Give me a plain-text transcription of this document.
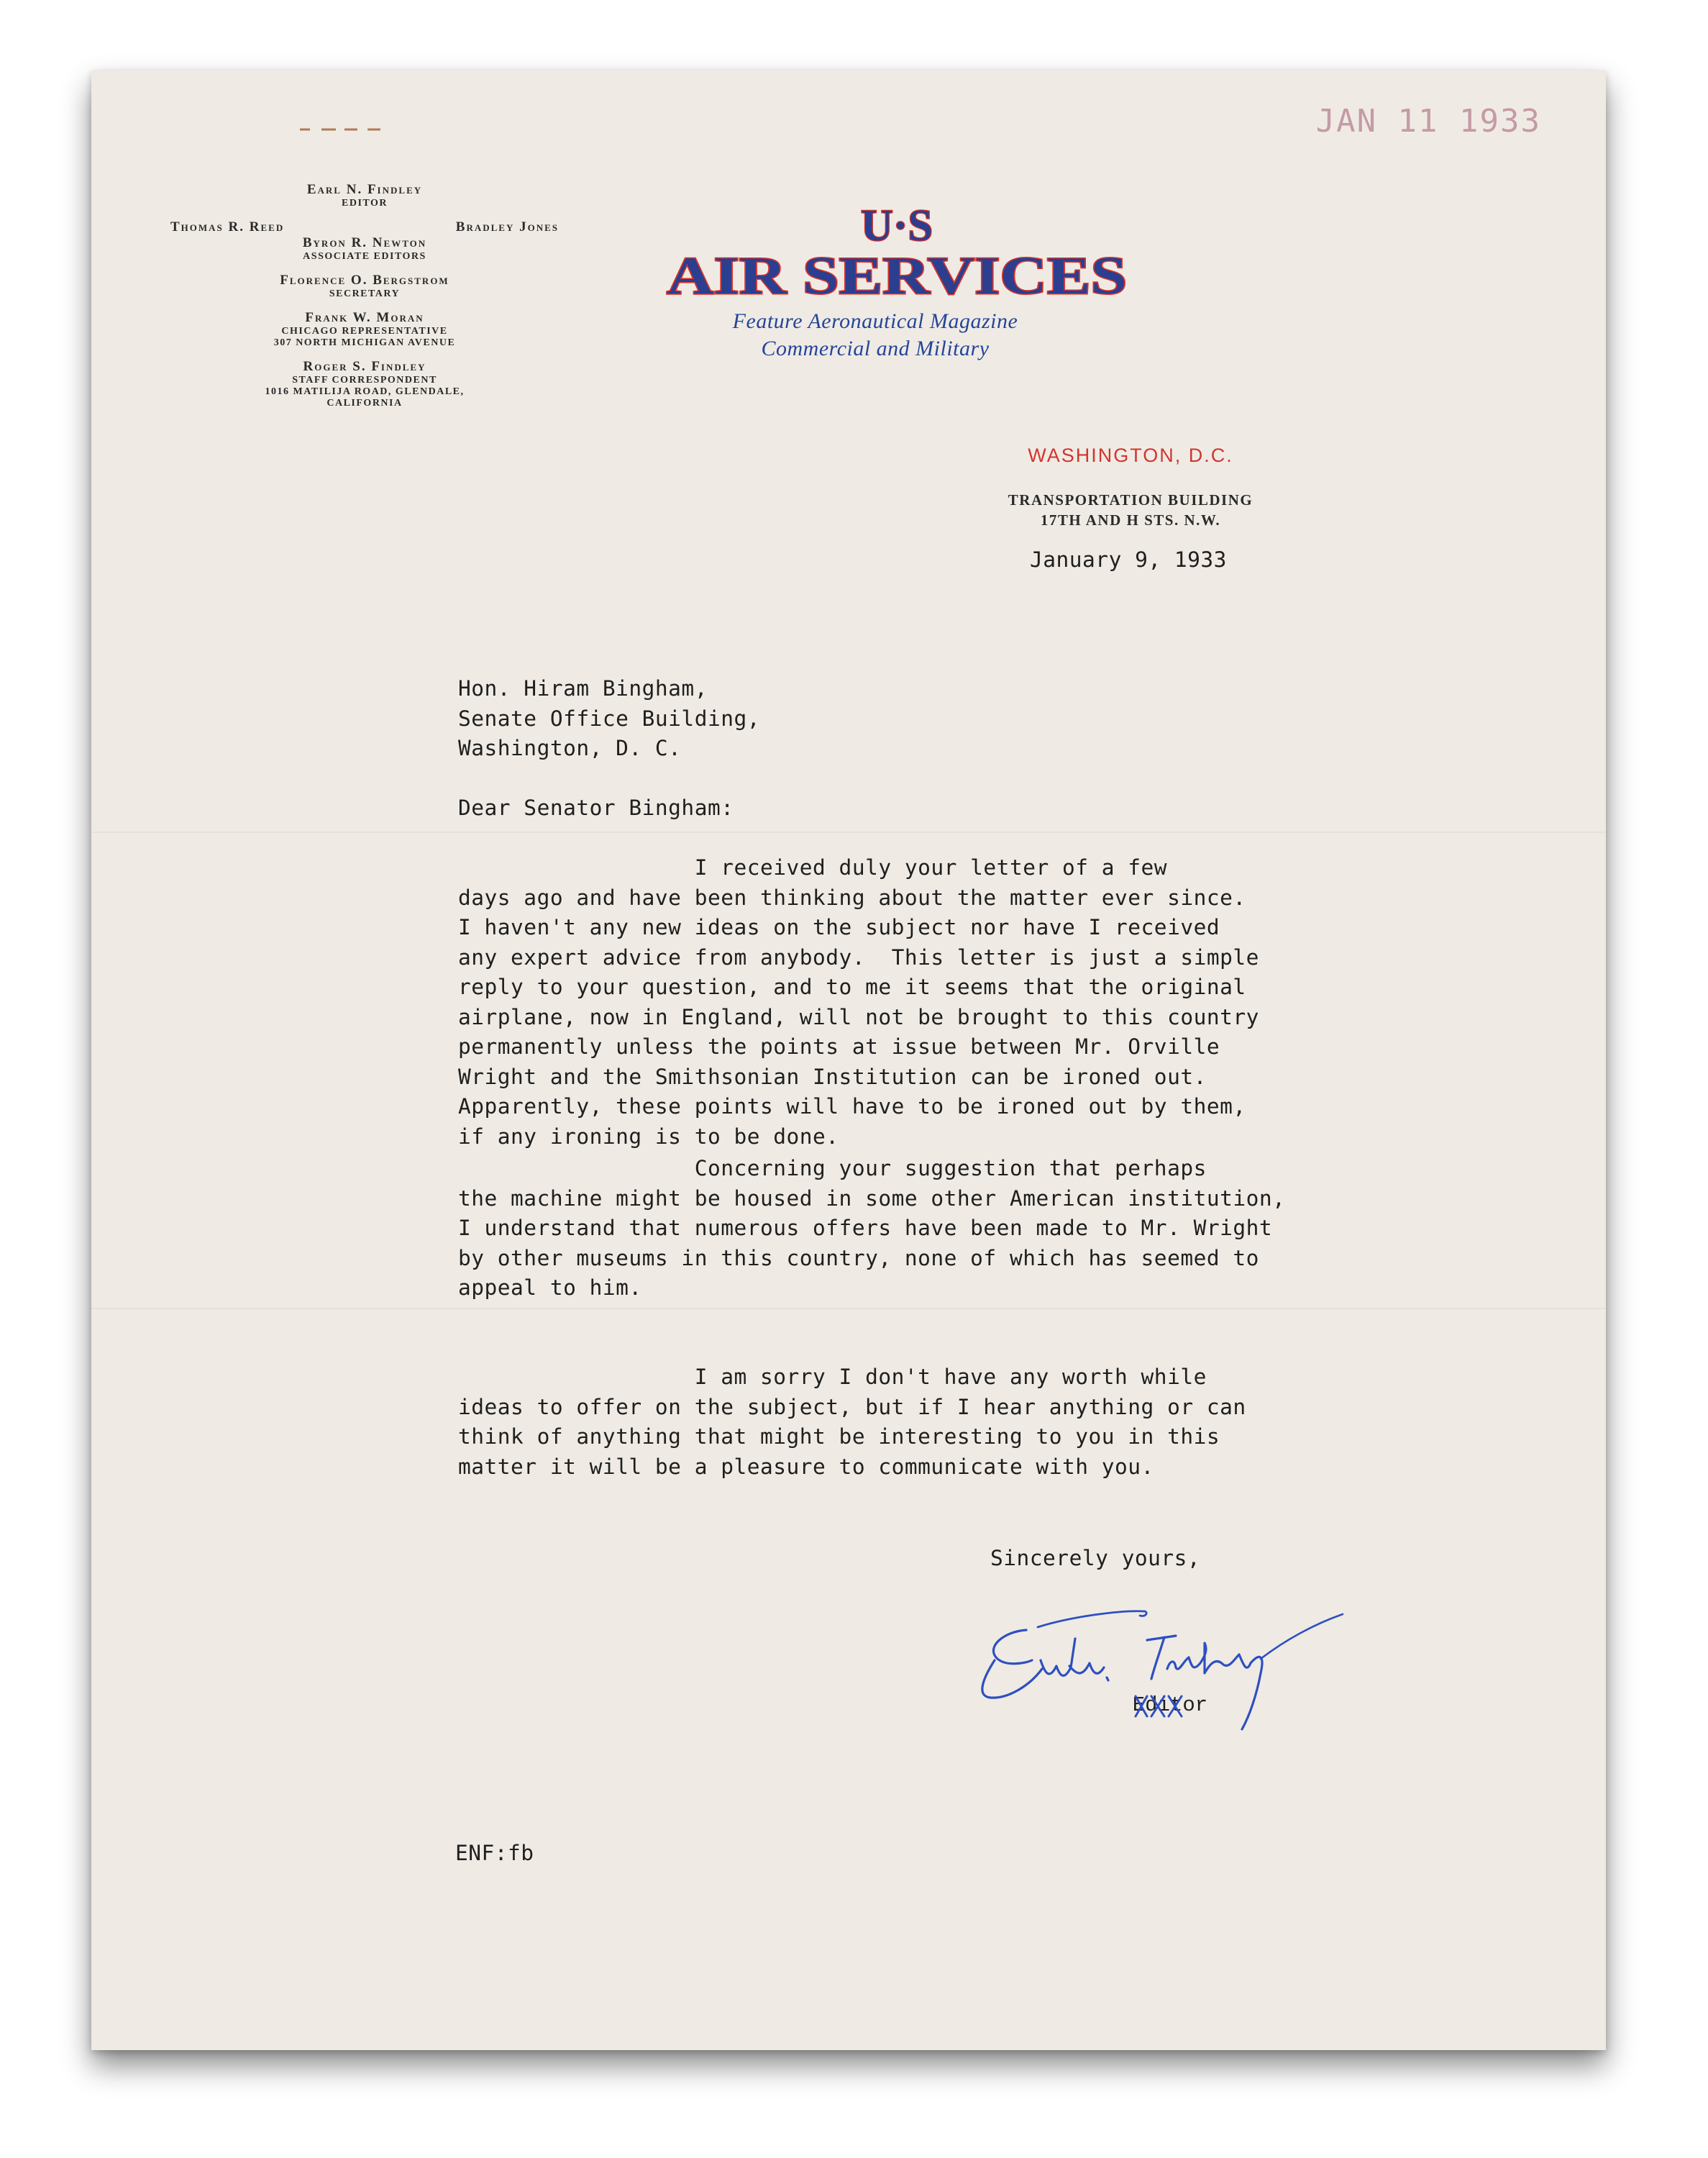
JAN 11 1933
Earl N. Findley
EDITOR
Thomas R. Reed	Bradley Jones
Byron R. Newton
ASSOCIATE EDITORS
Florence O. Bergstrom
SECRETARY
Frank W. Moran
CHICAGO REPRESENTATIVE
307 NORTH MICHIGAN AVENUE
Roger S. Findley
STAFF CORRESPONDENT
1016 MATILIJA ROAD, GLENDALE,
CALIFORNIA
U·S
AIR SERVICES
Feature Aeronautical Magazine
Commercial and Military
WASHINGTON, D.C.
TRANSPORTATION BUILDING
17TH AND H STS. N.W.
January 9, 1933
Hon. Hiram Bingham,
Senate Office Building,
Washington, D. C.
Dear Senator Bingham:
I received duly your letter of a few
days ago and have been thinking about the matter ever since.
I haven't any new ideas on the subject nor have I received
any expert advice from anybody.  This letter is just a simple
reply to your question, and to me it seems that the original
airplane, now in England, will not be brought to this country
permanently unless the points at issue between Mr. Orville
Wright and the Smithsonian Institution can be ironed out.
Apparently, these points will have to be ironed out by them,
if any ironing is to be done.
Concerning your suggestion that perhaps
the machine might be housed in some other American institution,
I understand that numerous offers have been made to Mr. Wright
by other museums in this country, none of which has seemed to
appeal to him.
I am sorry I don't have any worth while
ideas to offer on the subject, but if I hear anything or can
think of anything that might be interesting to you in this
matter it will be a pleasure to communicate with you.
Sincerely yours,
Editor
ENF:fb
